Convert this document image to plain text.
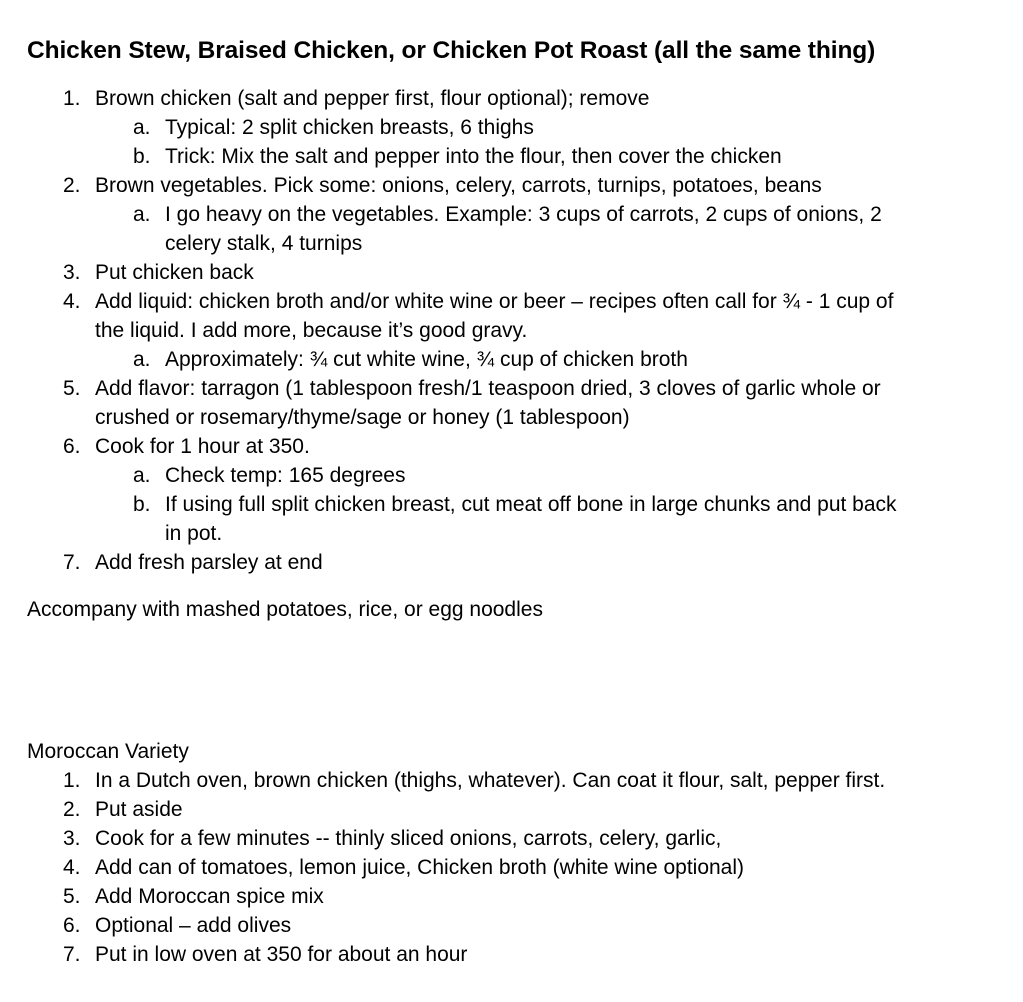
Chicken Stew, Braised Chicken, or Chicken Pot Roast (all the same thing)
1. Brown chicken (salt and pepper first, flour optional); remove
a. Typical: 2 split chicken breasts, 6 thighs
b. Trick: Mix the salt and pepper into the flour, then cover the chicken
2. Brown vegetables. Pick some: onions, celery, carrots, turnips, potatoes, beans
a. I go heavy on the vegetables. Example: 3 cups of carrots, 2 cups of onions, 2 celery stalk, 4 turnips
3. Put chicken back
4. Add liquid: chicken broth and/or white wine or beer – recipes often call for ¾ - 1 cup of the liquid. I add more, because it’s good gravy.
a. Approximately: ¾ cut white wine, ¾ cup of chicken broth
5. Add flavor: tarragon (1 tablespoon fresh/1 teaspoon dried, 3 cloves of garlic whole or crushed or rosemary/thyme/sage or honey (1 tablespoon)
6. Cook for 1 hour at 350.
a. Check temp: 165 degrees
b. If using full split chicken breast, cut meat off bone in large chunks and put back in pot.
7. Add fresh parsley at end
Accompany with mashed potatoes, rice, or egg noodles
Moroccan Variety
1. In a Dutch oven, brown chicken (thighs, whatever). Can coat it flour, salt, pepper first.
2. Put aside
3. Cook for a few minutes -- thinly sliced onions, carrots, celery, garlic,
4. Add can of tomatoes, lemon juice, Chicken broth (white wine optional)
5. Add Moroccan spice mix
6. Optional – add olives
7. Put in low oven at 350 for about an hour
